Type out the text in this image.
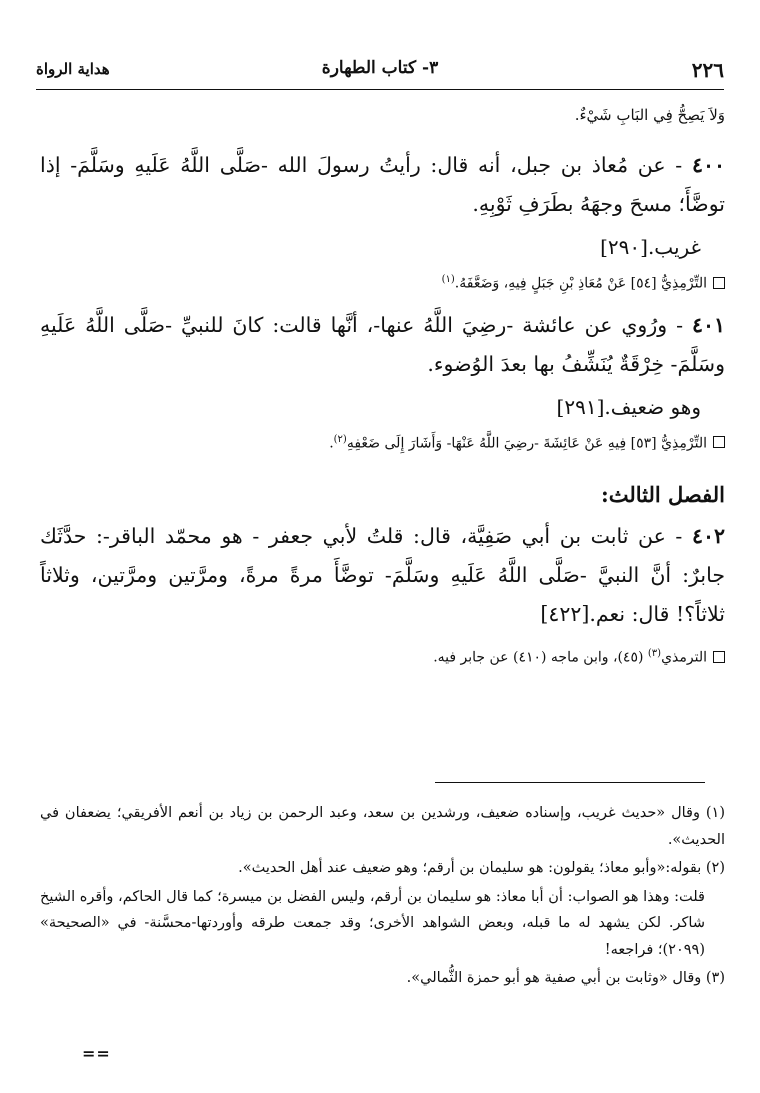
٢٢٦
٣- كتاب الطهارة
هداية الرواة

وَلاَ يَصِحُّ فِي البَابِ شَيْءٌ.

٤٠٠ - عن مُعاذ بن جبل، أنه قال: رأيتُ رسولَ الله -صَلَّى اللَّهُ عَلَيهِ وسَلَّمَ- إذا توضَّأَ؛ مسحَ وجهَهُ بطَرَفِ ثَوْبِهِ.

غريب.[٢٩٠]

التِّرْمِذِيُّ [٥٤] عَنْ مُعَاذِ بْنِ جَبَلٍ فِيهِ، وَضَعَّفَهُ.$^{(١)}$

٤٠١ - ورُوي عن عائشة -رضِيَ اللَّهُ عنها-، أنَّها قالت: كانَ للنبيِّ -صَلَّى اللَّهُ عَلَيهِ وسَلَّمَ- خِرْقَةٌ يُنَشِّفُ بها بعدَ الوُضوء.

وهو ضعيف.[٢٩١]

التِّرْمِذِيُّ [٥٣] فِيهِ عَنْ عَائِشَةَ -رضِيَ اللَّهُ عَنْهَا- وَأَشَارَ إِلَى ضَعْفِهِ$^{(٢)}$.

الفصل الثالث:

٤٠٢ - عن ثابت بن أبي صَفِيَّة، قال: قلتُ لأبي جعفر - هو محمّد الباقر-: حدَّثَك جابرٌ: أنَّ النبيَّ -صَلَّى اللَّهُ عَلَيهِ وسَلَّمَ- توضَّأَ مرةً مرةً، ومرَّتين ومرَّتين، وثلاثاً ثلاثاً؟! قال: نعم.[٤٢٢]

الترمذي$^{(٣)}$ (٤٥)، وابن ماجه (٤١٠) عن جابر فيه.

(١) وقال «حديث غريب، وإسناده ضعيف، ورشدين بن سعد، وعبد الرحمن بن زياد بن أنعم الأفريقي؛ يضعفان في الحديث».

(٢) بقوله:«وأبو معاذ؛ يقولون: هو سليمان بن أرقم؛ وهو ضعيف عند أهل الحديث».

قلت: وهذا هو الصواب: أن أبا معاذ: هو سليمان بن أرقم، وليس الفضل بن ميسرة؛ كما قال الحاكم، وأقره الشيخ شاكر. لكن يشهد له ما قبله، وبعض الشواهد الأخرى؛ وقد جمعت طرقه وأوردتها-محسَّنة- في «الصحيحة» (٢٠٩٩)؛ فراجعه!

(٣) وقال «وثابت بن أبي صفية هو أبو حمزة الثُّمالي».

==
